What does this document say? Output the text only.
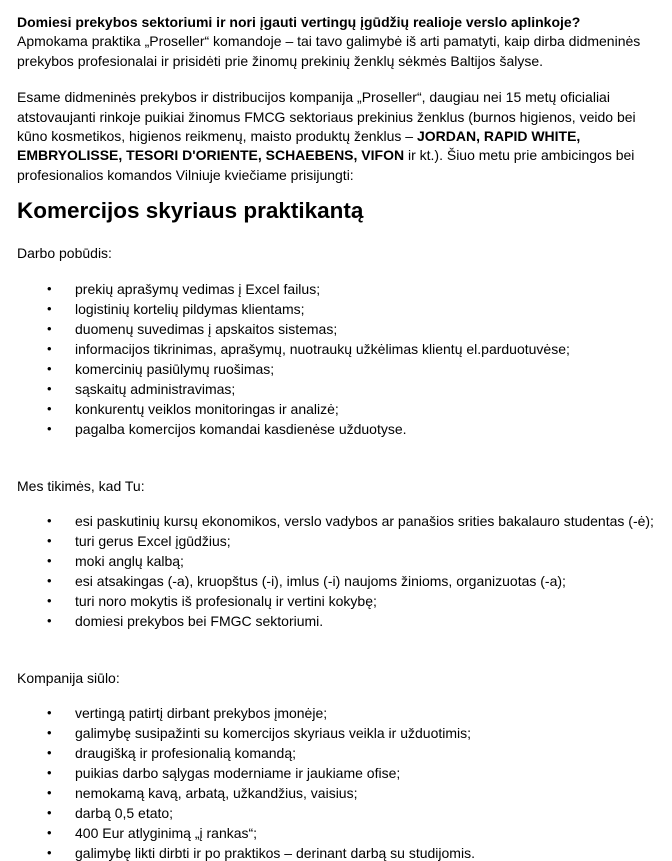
Domiesi prekybos sektoriumi ir nori įgauti vertingų įgūdžių realioje verslo aplinkoje?

Apmokama praktika „Proseller“ komandoje – tai tavo galimybė iš arti pamatyti, kaip dirba didmeninės prekybos profesionalai ir prisidėti prie žinomų prekinių ženklų sėkmės Baltijos šalyse.

Esame didmeninės prekybos ir distribucijos kompanija „Proseller“, daugiau nei 15 metų oficialiai atstovaujanti rinkoje puikiai žinomus FMCG sektoriaus prekinius ženklus (burnos higienos, veido bei kūno kosmetikos, higienos reikmenų, maisto produktų ženklus – JORDAN, RAPID WHITE, EMBRYOLISSE, TESORI D'ORIENTE, SCHAEBENS, VIFON ir kt.). Šiuo metu prie ambicingos bei profesionalios komandos Vilniuje kviečiame prisijungti:

Komercijos skyriaus praktikantą

Darbo pobūdis:

• prekių aprašymų vedimas į Excel failus;
• logistinių kortelių pildymas klientams;
• duomenų suvedimas į apskaitos sistemas;
• informacijos tikrinimas, aprašymų, nuotraukų užkėlimas klientų el.parduotuvėse;
• komercinių pasiūlymų ruošimas;
• sąskaitų administravimas;
• konkurentų veiklos monitoringas ir analizė;
• pagalba komercijos komandai kasdienėse užduotyse.

Mes tikimės, kad Tu:

• esi paskutinių kursų ekonomikos, verslo vadybos ar panašios srities bakalauro studentas (-ė);
• turi gerus Excel įgūdžius;
• moki anglų kalbą;
• esi atsakingas (-a), kruopštus (-i), imlus (-i) naujoms žinioms, organizuotas (-a);
• turi noro mokytis iš profesionalų ir vertini kokybę;
• domiesi prekybos bei FMGC sektoriumi.

Kompanija siūlo:

• vertingą patirtį dirbant prekybos įmonėje;
• galimybę susipažinti su komercijos skyriaus veikla ir užduotimis;
• draugišką ir profesionalią komandą;
• puikias darbo sąlygas moderniame ir jaukiame ofise;
• nemokamą kavą, arbatą, užkandžius, vaisius;
• darbą 0,5 etato;
• 400 Eur atlyginimą „į rankas“;
• galimybę likti dirbti ir po praktikos – derinant darbą su studijomis.
